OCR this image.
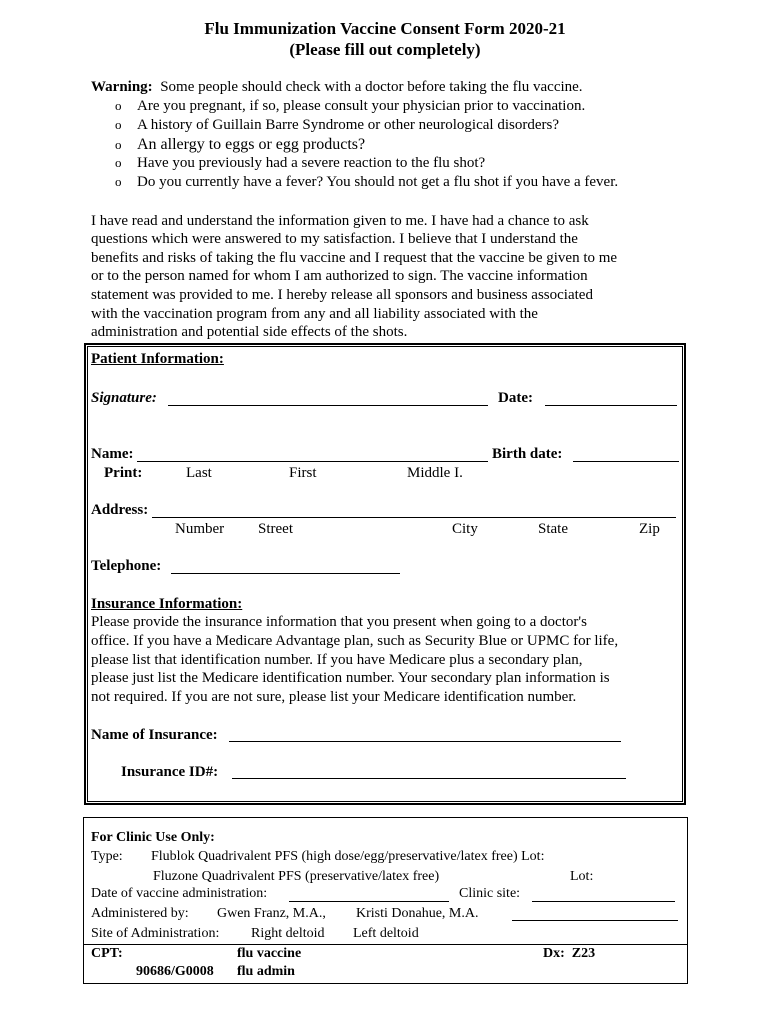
Flu Immunization Vaccine Consent Form 2020-21
(Please fill out completely)
Warning: Some people should check with a doctor before taking the flu vaccine.
o Are you pregnant, if so, please consult your physician prior to vaccination.
o A history of Guillain Barre Syndrome or other neurological disorders?
o An allergy to eggs or egg products?
o Have you previously had a severe reaction to the flu shot?
o Do you currently have a fever? You should not get a flu shot if you have a fever.
I have read and understand the information given to me. I have had a chance to ask
questions which were answered to my satisfaction. I believe that I understand the
benefits and risks of taking the flu vaccine and I request that the vaccine be given to me
or to the person named for whom I am authorized to sign. The vaccine information
statement was provided to me. I hereby release all sponsors and business associated
with the vaccination program from any and all liability associated with the
administration and potential side effects of the shots.
Patient Information:
Signature:	Date:
Name:	Birth date:
Print:	Last	First	Middle I.
Address:
Number Street	City	State	Zip
Telephone:
Insurance Information:
Please provide the insurance information that you present when going to a doctor's
office. If you have a Medicare Advantage plan, such as Security Blue or UPMC for life,
please list that identification number. If you have Medicare plus a secondary plan,
please just list the Medicare identification number. Your secondary plan information is
not required. If you are not sure, please list your Medicare identification number.
Name of Insurance:
Insurance ID#:
For Clinic Use Only:
Type: Flublok Quadrivalent PFS (high dose/egg/preservative/latex free) Lot:
Fluzone Quadrivalent PFS (preservative/latex free)	Lot:
Date of vaccine administration:	Clinic site:
Administered by: Gwen Franz, M.A., Kristi Donahue, M.A.
Site of Administration: Right deltoid Left deltoid
CPT:	flu vaccine	Dx: Z23
90686/G0008 flu admin
